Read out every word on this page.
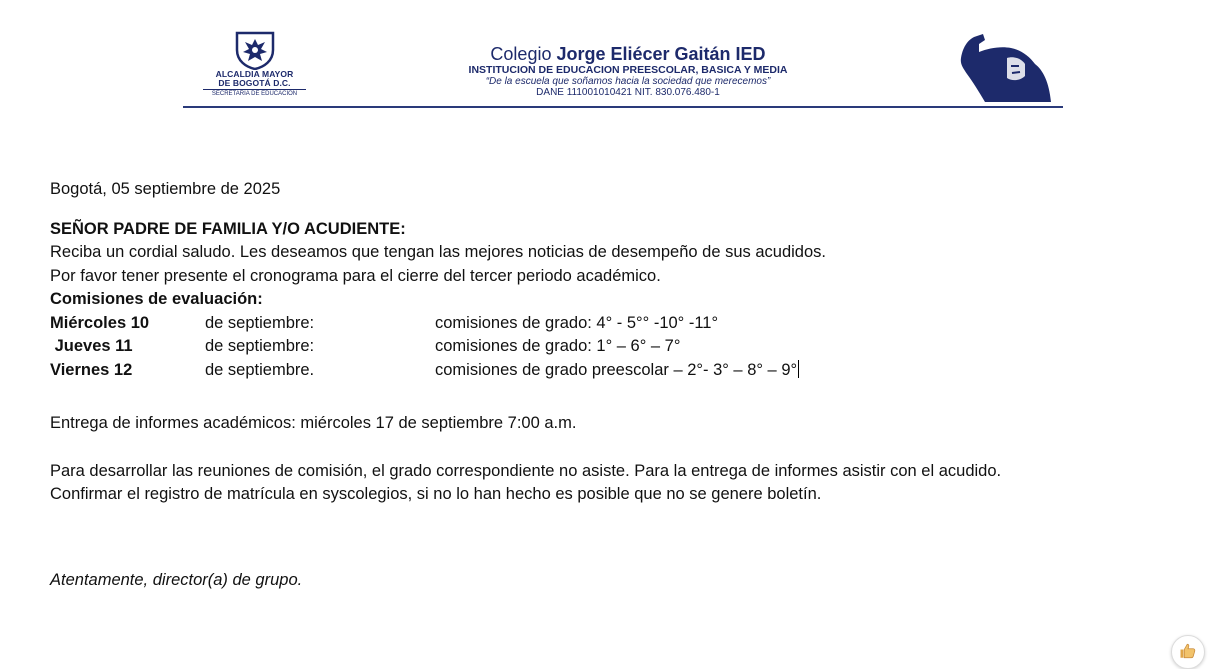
ALCALDIA MAYOR
DE BOGOTÁ D.C.
SECRETARIA DE EDUCACION
Colegio Jorge Eliécer Gaitán IED
INSTITUCION DE EDUCACION PREESCOLAR, BASICA Y MEDIA
“De la escuela que soñamos hacia la sociedad que merecemos”
DANE 111001010421 NIT. 830.076.480-1

Bogotá, 05 septiembre de 2025

SEÑOR PADRE DE FAMILIA Y/O ACUDIENTE:

Reciba un cordial saludo. Les deseamos que tengan las mejores noticias de desempeño de sus acudidos.

Por favor tener presente el cronograma para el cierre del tercer periodo académico.

Comisiones de evaluación:

Miércoles 10	de septiembre:	comisiones de grado: 4° - 5°° -10° -11°
Jueves 11	de septiembre:	comisiones de grado: 1° – 6° – 7°
Viernes 12	de septiembre.	comisiones de grado preescolar – 2°- 3° – 8° – 9°

Entrega de informes académicos: miércoles 17 de septiembre 7:00 a.m.

Para desarrollar las reuniones de comisión, el grado correspondiente no asiste. Para la entrega de informes asistir con el acudido.

Confirmar el registro de matrícula en syscolegios, si no lo han hecho es posible que no se genere boletín.

Atentamente, director(a) de grupo.
